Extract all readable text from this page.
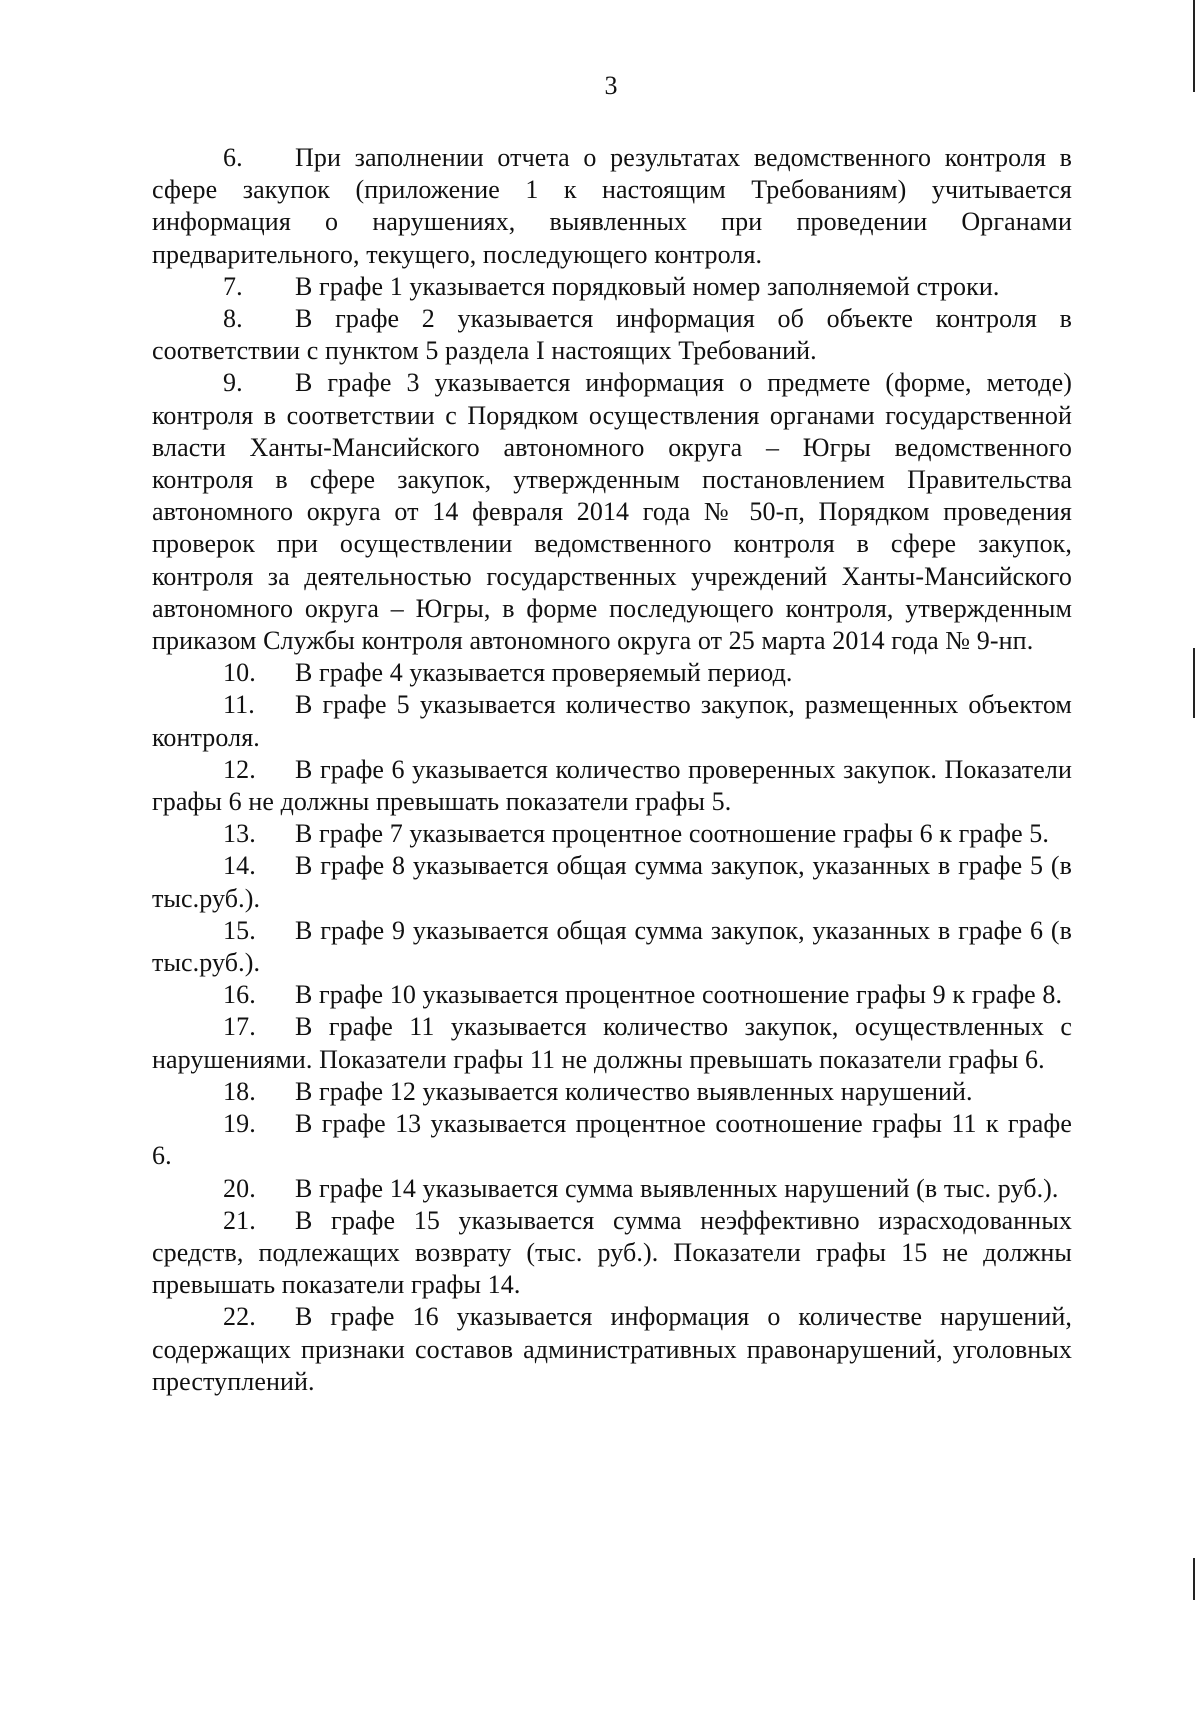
3

6. При заполнении отчета о результатах ведомственного контроля в сфере закупок (приложение 1 к настоящим Требованиям) учитывается информация о нарушениях, выявленных при проведении Органами предварительного, текущего, последующего контроля.

7. В графе 1 указывается порядковый номер заполняемой строки.

8. В графе 2 указывается информация об объекте контроля в соответствии с пунктом 5 раздела I настоящих Требований.

9. В графе 3 указывается информация о предмете (форме, методе) контроля в соответствии с Порядком осуществления органами государственной власти Ханты-Мансийского автономного округа – Югры ведомственного контроля в сфере закупок, утвержденным постановлением Правительства автономного округа от 14 февраля 2014 года № 50-п, Порядком проведения проверок при осуществлении ведомственного контроля в сфере закупок, контроля за деятельностью государственных учреждений Ханты-Мансийского автономного округа – Югры, в форме последующего контроля, утвержденным приказом Службы контроля автономного округа от 25 марта 2014 года № 9-нп.

10. В графе 4 указывается проверяемый период.

11. В графе 5 указывается количество закупок, размещенных объектом контроля.

12. В графе 6 указывается количество проверенных закупок. Показатели графы 6 не должны превышать показатели графы 5.

13. В графе 7 указывается процентное соотношение графы 6 к графе 5.

14. В графе 8 указывается общая сумма закупок, указанных в графе 5 (в тыс.руб.).

15. В графе 9 указывается общая сумма закупок, указанных в графе 6 (в тыс.руб.).

16. В графе 10 указывается процентное соотношение графы 9 к графе 8.

17. В графе 11 указывается количество закупок, осуществленных с нарушениями. Показатели графы 11 не должны превышать показатели графы 6.

18. В графе 12 указывается количество выявленных нарушений.

19. В графе 13 указывается процентное соотношение графы 11 к графе 6.

20. В графе 14 указывается сумма выявленных нарушений (в тыс. руб.).

21. В графе 15 указывается сумма неэффективно израсходованных средств, подлежащих возврату (тыс. руб.). Показатели графы 15 не должны превышать показатели графы 14.

22. В графе 16 указывается информация о количестве нарушений, содержащих признаки составов административных правонарушений, уголовных преступлений.
